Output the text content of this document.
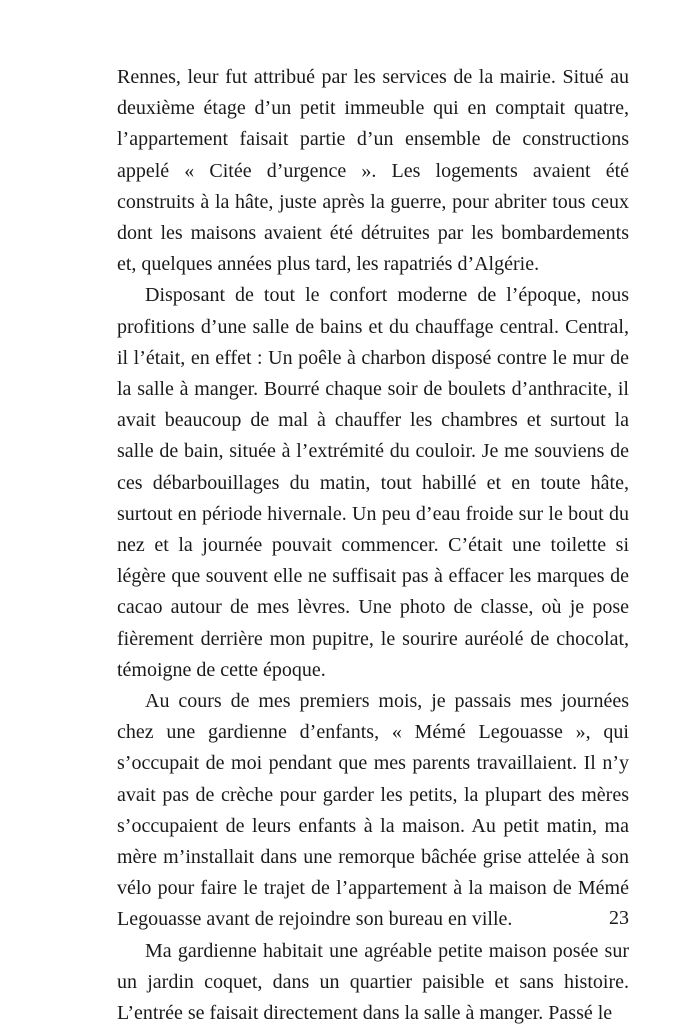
Rennes, leur fut attribué par les services de la mairie. Situé au deuxième étage d’un petit immeuble qui en comptait quatre, l’appartement faisait partie d’un ensemble de constructions appelé « Citée d’urgence ». Les logements avaient été construits à la hâte, juste après la guerre, pour abriter tous ceux dont les maisons avaient été détruites par les bombardements et, quelques années plus tard, les rapatriés d’Algérie.

Disposant de tout le confort moderne de l’époque, nous profitions d’une salle de bains et du chauffage central. Central, il l’était, en effet : Un poêle à charbon disposé contre le mur de la salle à manger. Bourré chaque soir de boulets d’anthracite, il avait beaucoup de mal à chauffer les chambres et surtout la salle de bain, située à l’extrémité du couloir. Je me souviens de ces débarbouillages du matin, tout habillé et en toute hâte, surtout en période hivernale. Un peu d’eau froide sur le bout du nez et la journée pouvait commencer. C’était une toilette si légère que souvent elle ne suffisait pas à effacer les marques de cacao autour de mes lèvres. Une photo de classe, où je pose fièrement derrière mon pupitre, le sourire auréolé de chocolat, témoigne de cette époque.

Au cours de mes premiers mois, je passais mes journées chez une gardienne d’enfants, « Mémé Legouasse », qui s’occupait de moi pendant que mes parents travaillaient. Il n’y avait pas de crèche pour garder les petits, la plupart des mères s’occupaient de leurs enfants à la maison. Au petit matin, ma mère m’installait dans une remorque bâchée grise attelée à son vélo pour faire le trajet de l’appartement à la maison de Mémé Legouasse avant de rejoindre son bureau en ville.

Ma gardienne habitait une agréable petite maison posée sur un jardin coquet, dans un quartier paisible et sans histoire. L’entrée se faisait directement dans la salle à manger. Passé le

23
